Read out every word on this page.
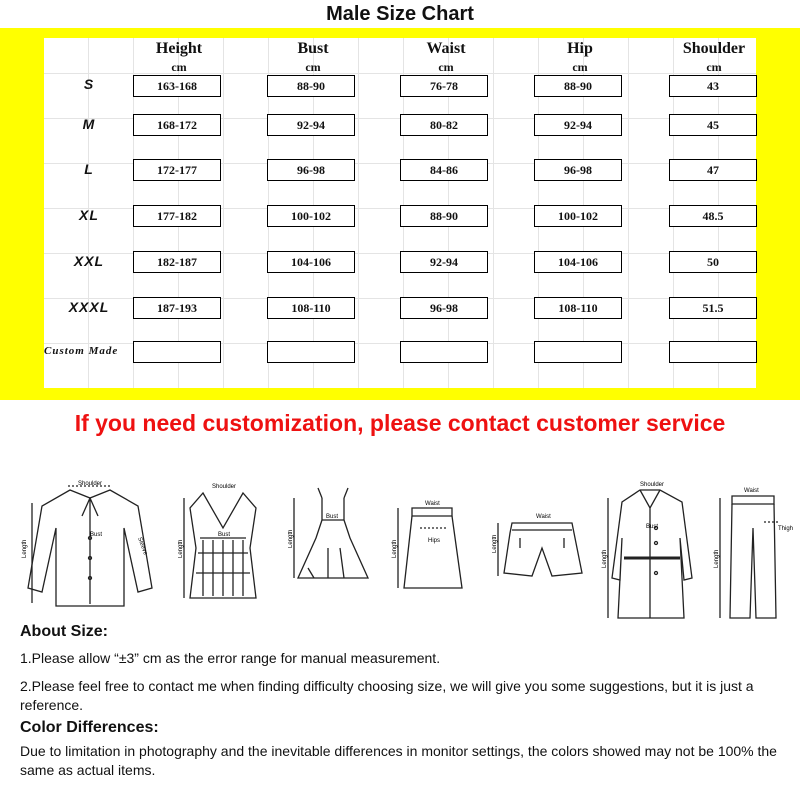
Male Size Chart
Height	Bust	Waist	Hip	Shoulder
cm	cm	cm	cm	cm
S	163-168	88-90	76-78	88-90	43
M	168-172	92-94	80-82	92-94	45
L	172-177	96-98	84-86	96-98	47
XL	177-182	100-102	88-90	100-102	48.5
XXL	182-187	104-106	92-94	104-106	50
XXXL	187-193	108-110	96-98	108-110	51.5
Custom Made
If you need customization, please contact customer service
Shoulder
Length
Bust
Sleeve
Shoulder
Bust
Length
Bust
Length
Waist
Hips
Length
Waist
Length
Shoulder
Bust
Length
Waist
Thigh
Length
About Size:
1.Please allow “±3” cm as the error range for manual measurement.
2.Please feel free to contact me when finding difficulty choosing size, we will give you some suggestions, but it is just a reference.
Color Differences:
Due to limitation in photography and the inevitable differences in monitor settings, the colors showed may not be 100% the same as actual items.
